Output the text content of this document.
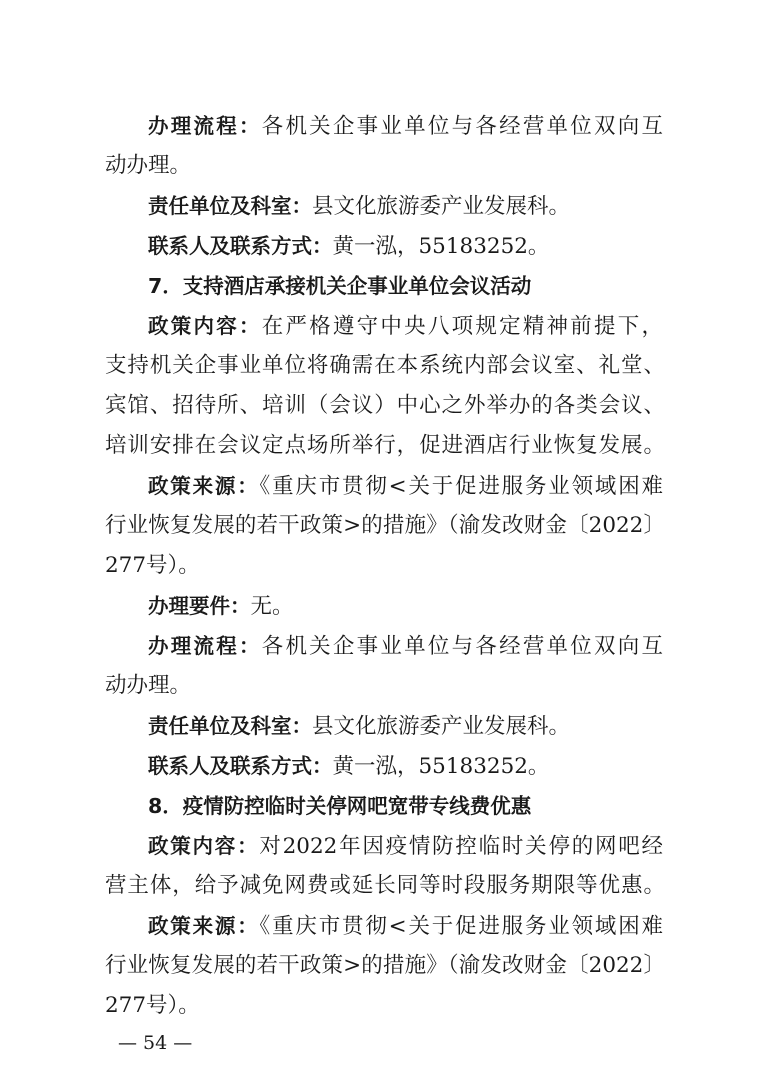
办理流程：各机关企事业单位与各经营单位双向互
动办理。
责任单位及科室：县文化旅游委产业发展科。
联系人及联系方式：黄一泓，55183252。
7．支持酒店承接机关企事业单位会议活动
政策内容：在严格遵守中央八项规定精神前提下，
支持机关企事业单位将确需在本系统内部会议室、礼堂、
宾馆、招待所、培训（会议）中心之外举办的各类会议、
培训安排在会议定点场所举行，促进酒店行业恢复发展。
政策来源：《重庆市贯彻<关于促进服务业领域困难
行业恢复发展的若干政策>的措施》（渝发改财金〔2022〕
277号）。
办理要件：无。
办理流程：各机关企事业单位与各经营单位双向互
动办理。
责任单位及科室：县文化旅游委产业发展科。
联系人及联系方式：黄一泓，55183252。
8．疫情防控临时关停网吧宽带专线费优惠
政策内容：对2022年因疫情防控临时关停的网吧经
营主体，给予减免网费或延长同等时段服务期限等优惠。
政策来源：《重庆市贯彻<关于促进服务业领域困难
行业恢复发展的若干政策>的措施》（渝发改财金〔2022〕
277号）。
— 54 —
